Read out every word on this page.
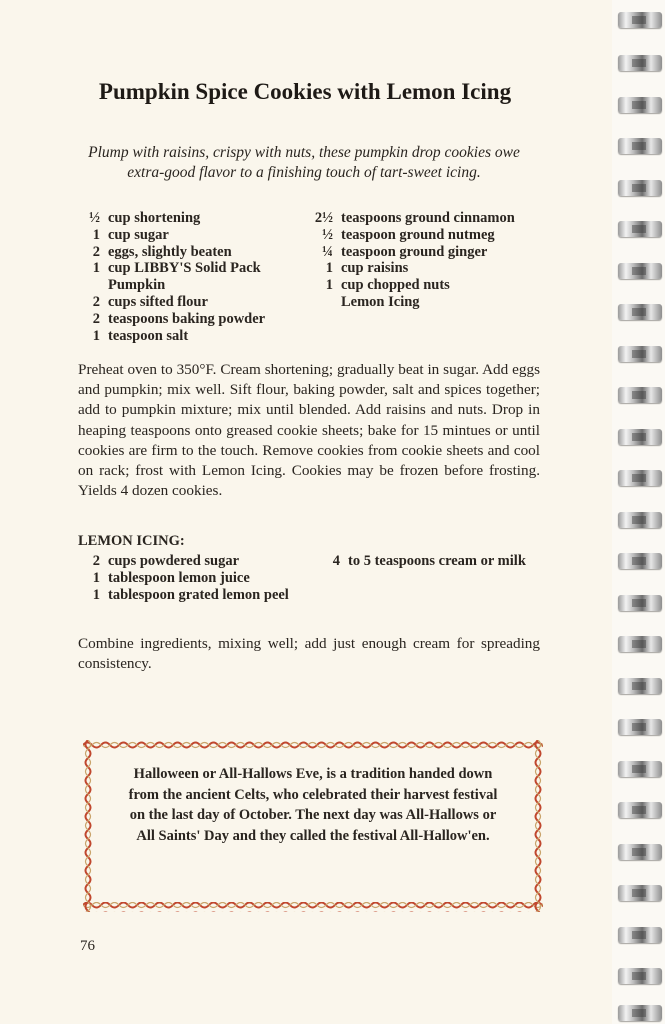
Pumpkin Spice Cookies with Lemon Icing
Plump with raisins, crispy with nuts, these pumpkin drop cookies owe extra-good flavor to a finishing touch of tart-sweet icing.
½ cup shortening
1 cup sugar
2 eggs, slightly beaten
1 cup LIBBY'S Solid Pack Pumpkin
2 cups sifted flour
2 teaspoons baking powder
1 teaspoon salt
2½ teaspoons ground cinnamon
½ teaspoon ground nutmeg
¼ teaspoon ground ginger
1 cup raisins
1 cup chopped nuts
Lemon Icing
Preheat oven to 350°F. Cream shortening; gradually beat in sugar. Add eggs and pumpkin; mix well. Sift flour, baking powder, salt and spices together; add to pumpkin mixture; mix until blended. Add raisins and nuts. Drop in heaping teaspoons onto greased cookie sheets; bake for 15 mintues or until cookies are firm to the touch. Remove cookies from cookie sheets and cool on rack; frost with Lemon Icing. Cookies may be frozen before frosting. Yields 4 dozen cookies.
LEMON ICING:
2 cups powdered sugar
1 tablespoon lemon juice
1 tablespoon grated lemon peel
4 to 5 teaspoons cream or milk
Combine ingredients, mixing well; add just enough cream for spreading consistency.
Halloween or All-Hallows Eve, is a tradition handed down from the ancient Celts, who celebrated their harvest festival on the last day of October. The next day was All-Hallows or All Saints' Day and they called the festival All-Hallow'en.
76
